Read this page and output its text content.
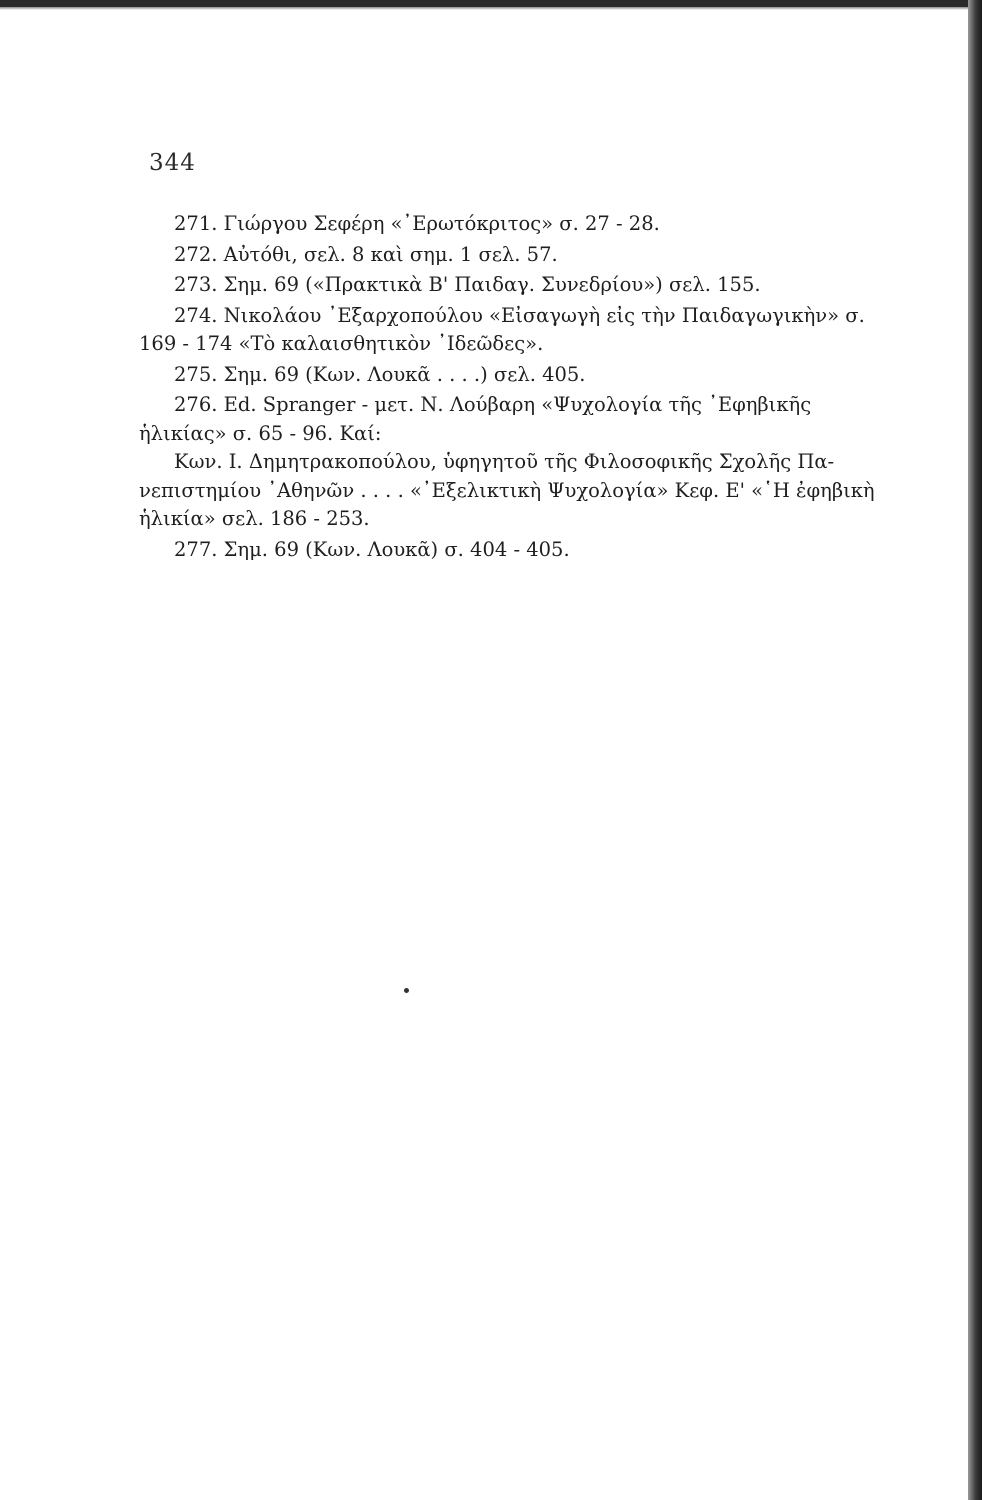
344
271. Γιώργου Σεφέρη «᾿Ερωτόκριτος» σ. 27 - 28.
272. Αὐτόθι, σελ. 8 καὶ σημ. 1 σελ. 57.
273. Σημ. 69 («Πρακτικὰ Β' Παιδαγ. Συνεδρίου») σελ. 155.
274. Νικολάου ᾿Εξαρχοπούλου «Εἰσαγωγὴ εἰς τὴν Παιδαγωγικὴν» σ.
169 - 174 «Τὸ καλαισθητικὸν ᾿Ιδεῶδες».
275. Σημ. 69 (Κων. Λουκᾶ . . . .) σελ. 405.
276. Ed. Spranger - μετ. Ν. Λούβαρη «Ψυχολογία τῆς ᾿Εφηβικῆς
ἡλικίας» σ. 65 - 96. Καί:
Κων. Ι. Δημητρακοπούλου, ὑφηγητοῦ τῆς Φιλοσοφικῆς Σχολῆς Πα-
νεπιστημίου ᾿Αθηνῶν . . . . «᾿Εξελικτικὴ Ψυχολογία» Κεφ. Ε' «῾Η ἐφηβικὴ
ἡλικία» σελ. 186 - 253.
277. Σημ. 69 (Κων. Λουκᾶ) σ. 404 - 405.
